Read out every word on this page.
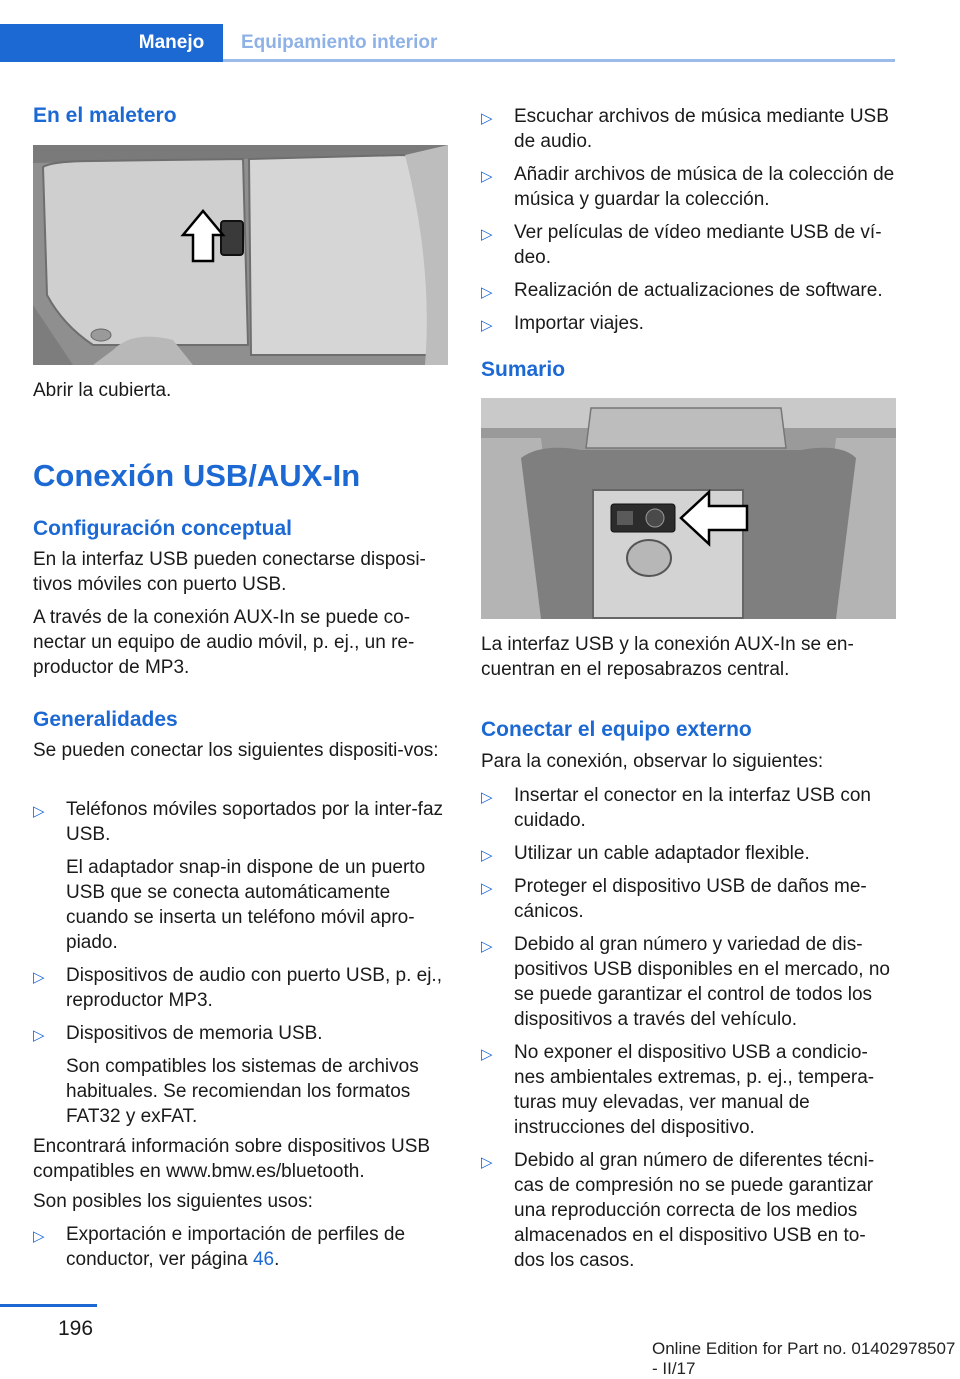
Manejo	Equipamiento interior
En el maletero

Abrir la cubierta.

Conexión USB/AUX-In
Configuración conceptual

En la interfaz USB pueden conectarse disposi-tivos móviles con puerto USB.

A través de la conexión AUX-In se puede co-nectar un equipo de audio móvil, p. ej., un re-productor de MP3.

Generalidades

Se pueden conectar los siguientes dispositi-vos:

▷ Teléfonos móviles soportados por la inter-faz USB.

El adaptador snap-in dispone de un puerto USB que se conecta automáticamente cuando se inserta un teléfono móvil apro-piado.

▷ Dispositivos de audio con puerto USB, p. ej., reproductor MP3.
▷ Dispositivos de memoria USB.

Son compatibles los sistemas de archivos habituales. Se recomiendan los formatos FAT32 y exFAT.

Encontrará información sobre dispositivos USB compatibles en www.bmw.es/bluetooth.

Son posibles los siguientes usos:

▷ Exportación e importación de perfiles de conductor, ver página 46.
▷ Escuchar archivos de música mediante USB de audio.
▷ Añadir archivos de música de la colección de música y guardar la colección.
▷ Ver películas de vídeo mediante USB de ví-deo.
▷ Realización de actualizaciones de software.
▷ Importar viajes.
Sumario

La interfaz USB y la conexión AUX-In se en-cuentran en el reposabrazos central.

Conectar el equipo externo

Para la conexión, observar lo siguientes:

▷ Insertar el conector en la interfaz USB con cuidado.
▷ Utilizar un cable adaptador flexible.
▷ Proteger el dispositivo USB de daños me-cánicos.
▷ Debido al gran número y variedad de dis-positivos USB disponibles en el mercado, no se puede garantizar el control de todos los dispositivos a través del vehículo.
▷ No exponer el dispositivo USB a condicio-nes ambientales extremas, p. ej., tempera-turas muy elevadas, ver manual de instrucciones del dispositivo.
▷ Debido al gran número de diferentes técni-cas de compresión no se puede garantizar una reproducción correcta de los medios almacenados en el dispositivo USB en to-dos los casos.
196
Online Edition for Part no. 01402978507 - II/17
